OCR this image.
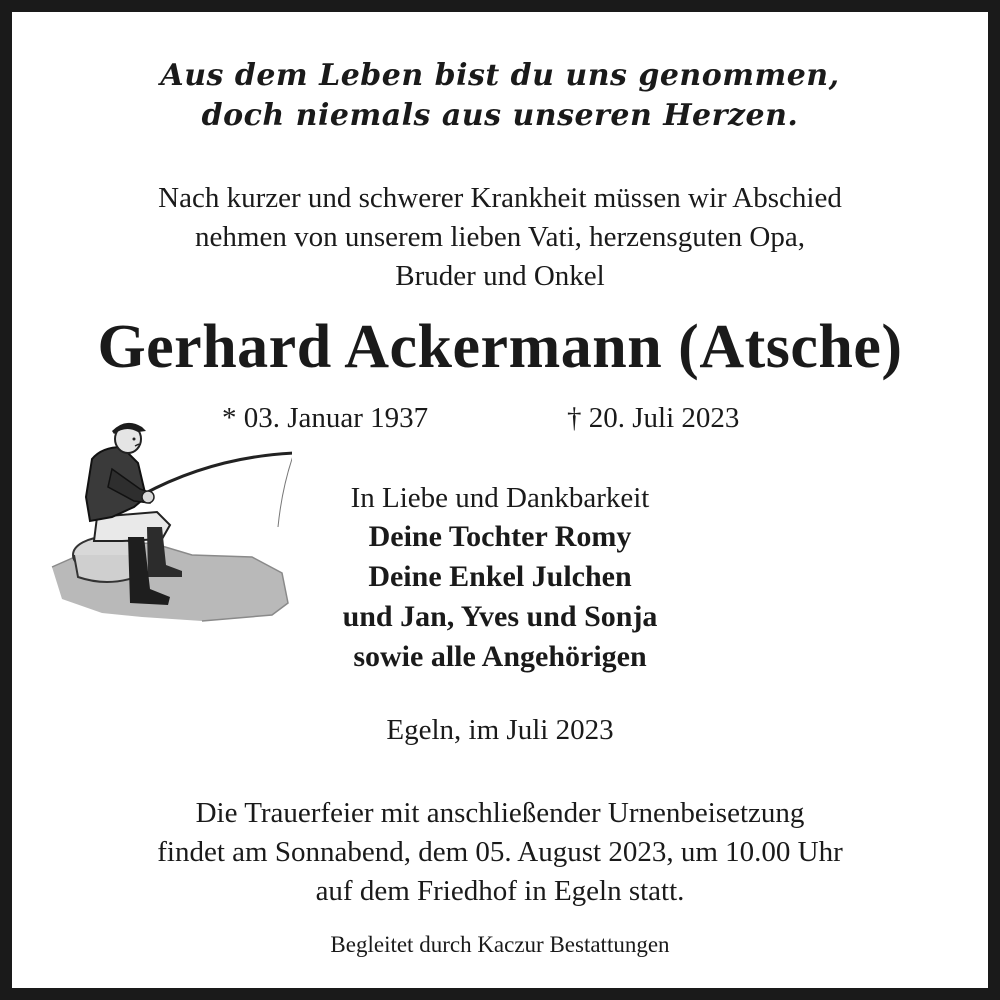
Aus dem Leben bist du uns genommen,
doch niemals aus unseren Herzen.
Nach kurzer und schwerer Krankheit müssen wir Abschied
nehmen von unserem lieben Vati, herzensguten Opa,
Bruder und Onkel
Gerhard Ackermann (Atsche)
* 03. Januar 1937	† 20. Juli 2023
In Liebe und Dankbarkeit
Deine Tochter Romy
Deine Enkel Julchen
und Jan, Yves und Sonja
sowie alle Angehörigen
Egeln, im Juli 2023
Die Trauerfeier mit anschließender Urnenbeisetzung
findet am Sonnabend, dem 05. August 2023, um 10.00 Uhr
auf dem Friedhof in Egeln statt.
Begleitet durch Kaczur Bestattungen
